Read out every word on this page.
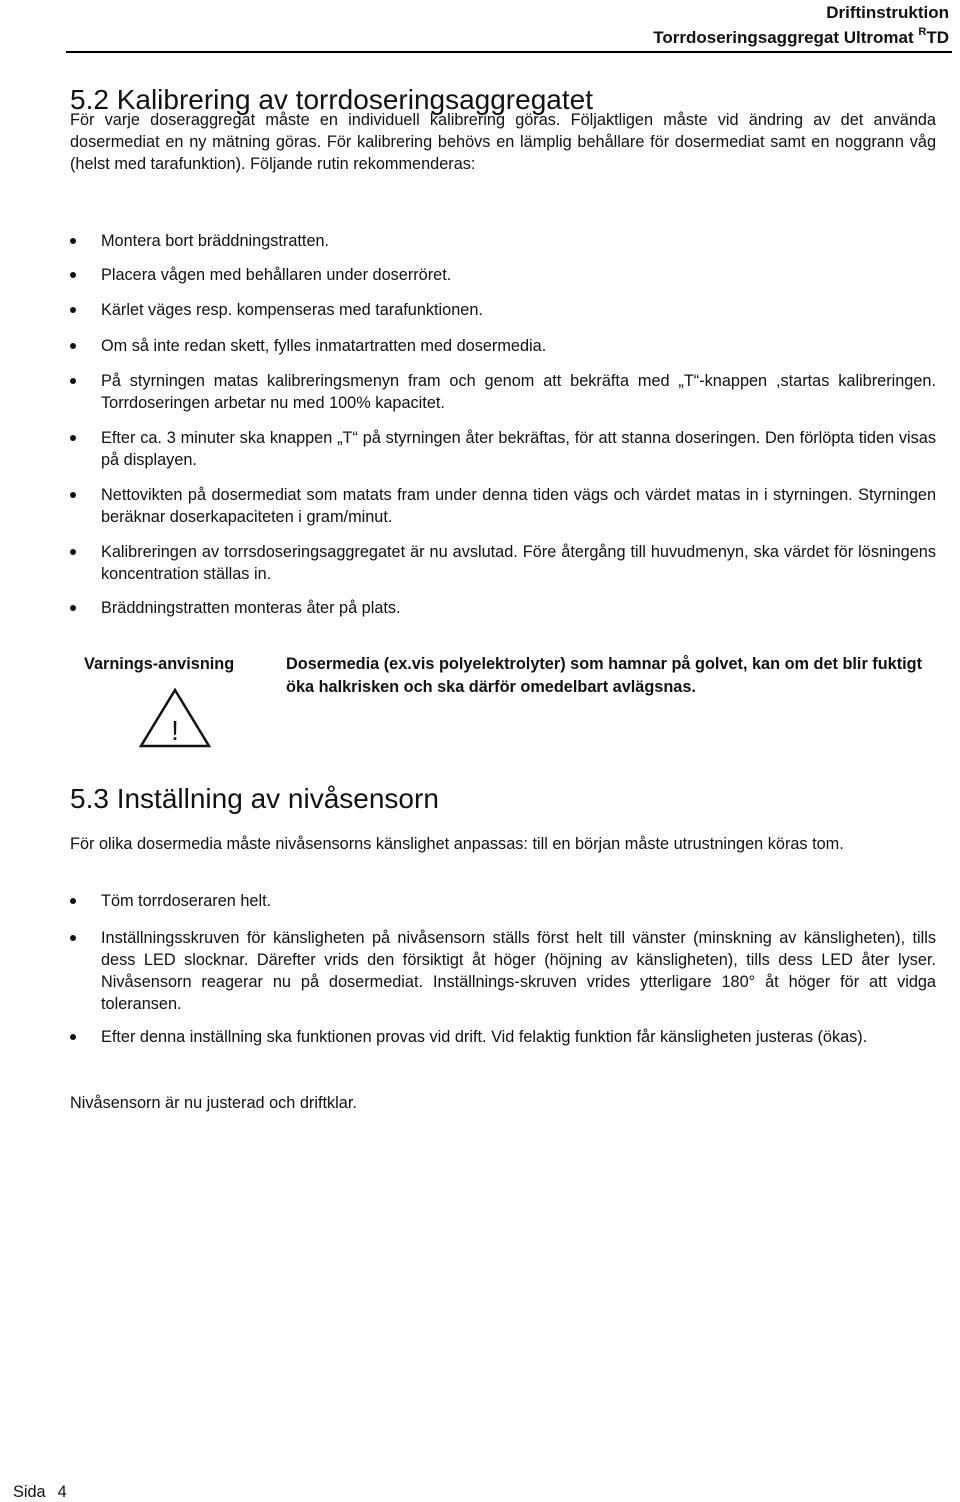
Driftinstruktion
Torrdoseringsaggregat Ultromat $^R$TD
5.2 Kalibrering av torrdoseringsaggregatet
För varje doseraggregat måste en individuell kalibrering göras. Följaktligen måste vid ändring av det använda dosermediat en ny mätning göras. För kalibrering behövs en lämplig behållare för dosermediat samt en noggrann våg (helst med tarafunktion). Följande rutin rekommenderas:
Montera bort bräddningstratten.
Placera vågen med behållaren under doserröret.
Kärlet väges resp. kompenseras med tarafunktionen.
Om så inte redan skett, fylles inmatartratten med dosermedia.
På styrningen matas kalibreringsmenyn fram och genom att bekräfta med „T“-knappen ,startas kalibreringen. Torrdoseringen arbetar nu med 100% kapacitet.
Efter ca. 3 minuter ska knappen „T“ på styrningen åter bekräftas, för att stanna doseringen. Den förlöpta tiden visas på displayen.
Nettovikten på dosermediat som matats fram under denna tiden vägs och värdet matas in i styrningen. Styrningen beräknar doserkapaciteten i gram/minut.
Kalibreringen av torrsdoseringsaggregatet är nu avslutad. Före återgång till huvudmenyn, ska värdet för lösningens koncentration ställas in.
Bräddningstratten monteras åter på plats.
Varnings-anvisning	Dosermedia (ex.vis polyelektrolyter) som hamnar på golvet, kan om det blir fuktigt öka halkrisken och ska därför omedelbart avlägsnas.
!
5.3 Inställning av nivåsensorn
För olika dosermedia måste nivåsensorns känslighet anpassas: till en början måste utrustningen köras tom.
Töm torrdoseraren helt.
Inställningsskruven för känsligheten på nivåsensorn ställs först helt till vänster (minskning av känsligheten), tills dess LED slocknar. Därefter vrids den försiktigt åt höger (höjning av känsligheten), tills dess LED åter lyser. Nivåsensorn reagerar nu på dosermediat. Inställnings-skruven vrides ytterligare 180° åt höger för att vidga toleransen.
Efter denna inställning ska funktionen provas vid drift. Vid felaktig funktion får känsligheten justeras (ökas).
Nivåsensorn är nu justerad och driftklar.
Sida 4
